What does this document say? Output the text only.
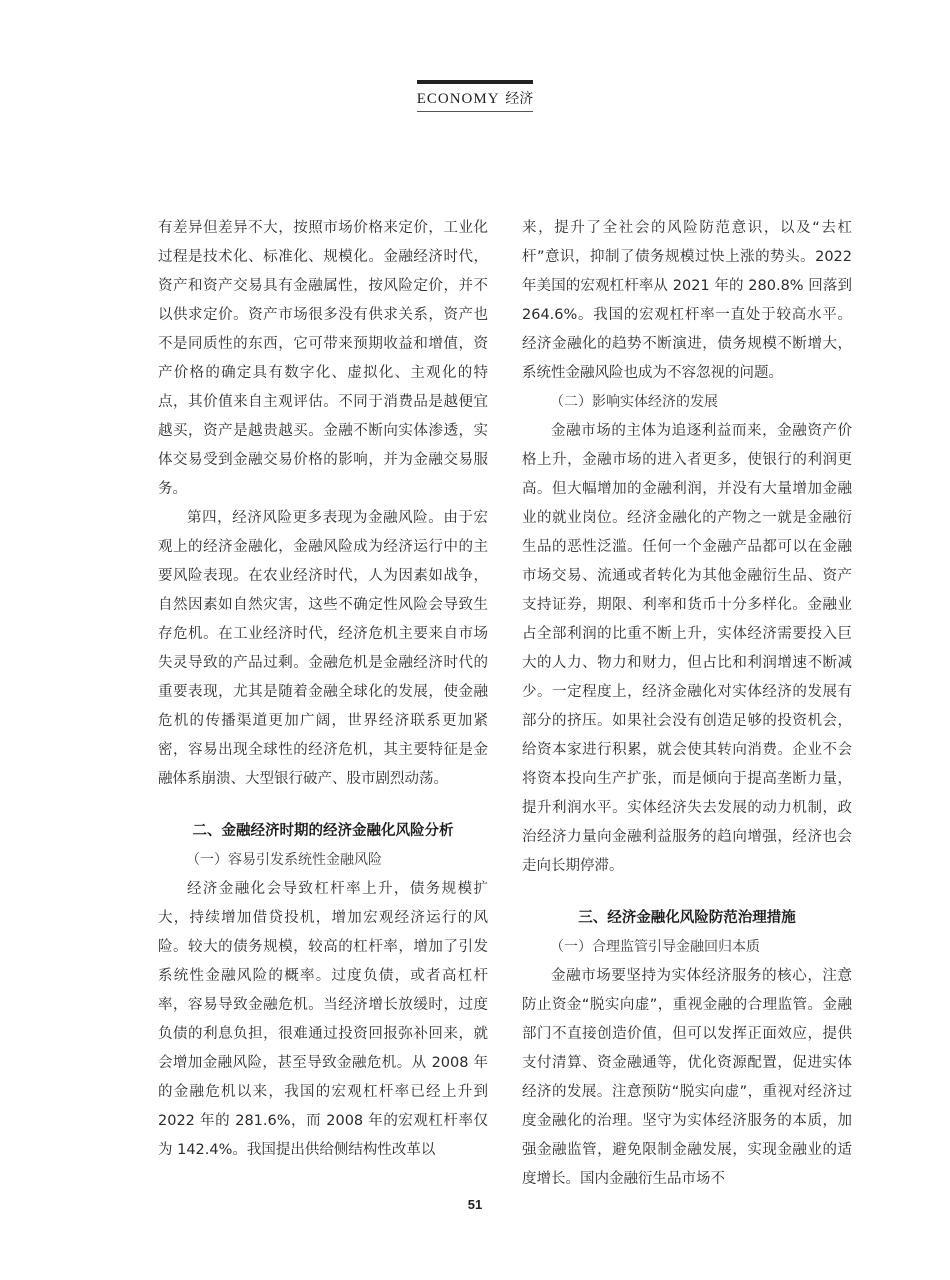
ECONOMY 经济

有差异但差异不大，按照市场价格来定价，工业化过程是技术化、标准化、规模化。金融经济时代，资产和资产交易具有金融属性，按风险定价，并不以供求定价。资产市场很多没有供求关系，资产也不是同质性的东西，它可带来预期收益和增值，资产价格的确定具有数字化、虚拟化、主观化的特点，其价值来自主观评估。不同于消费品是越便宜越买，资产是越贵越买。金融不断向实体渗透，实体交易受到金融交易价格的影响，并为金融交易服务。

第四，经济风险更多表现为金融风险。由于宏观上的经济金融化，金融风险成为经济运行中的主要风险表现。在农业经济时代，人为因素如战争，自然因素如自然灾害，这些不确定性风险会导致生存危机。在工业经济时代，经济危机主要来自市场失灵导致的产品过剩。金融危机是金融经济时代的重要表现，尤其是随着金融全球化的发展，使金融危机的传播渠道更加广阔，世界经济联系更加紧密，容易出现全球性的经济危机，其主要特征是金融体系崩溃、大型银行破产、股市剧烈动荡。

二、金融经济时期的经济金融化风险分析

（一）容易引发系统性金融风险

经济金融化会导致杠杆率上升，债务规模扩大，持续增加借贷投机，增加宏观经济运行的风险。较大的债务规模，较高的杠杆率，增加了引发系统性金融风险的概率。过度负债，或者高杠杆率，容易导致金融危机。当经济增长放缓时，过度负债的利息负担，很难通过投资回报弥补回来，就会增加金融风险，甚至导致金融危机。从 2008 年的金融危机以来，我国的宏观杠杆率已经上升到 2022 年的 281.6%，而 2008 年的宏观杠杆率仅为 142.4%。我国提出供给侧结构性改革以

来，提升了全社会的风险防范意识，以及“去杠杆”意识，抑制了债务规模过快上涨的势头。2022 年美国的宏观杠杆率从 2021 年的 280.8% 回落到 264.6%。我国的宏观杠杆率一直处于较高水平。经济金融化的趋势不断演进，债务规模不断增大，系统性金融风险也成为不容忽视的问题。

（二）影响实体经济的发展

金融市场的主体为追逐利益而来，金融资产价格上升，金融市场的进入者更多，使银行的利润更高。但大幅增加的金融利润，并没有大量增加金融业的就业岗位。经济金融化的产物之一就是金融衍生品的恶性泛滥。任何一个金融产品都可以在金融市场交易、流通或者转化为其他金融衍生品、资产支持证券，期限、利率和货币十分多样化。金融业占全部利润的比重不断上升，实体经济需要投入巨大的人力、物力和财力，但占比和利润增速不断减少。一定程度上，经济金融化对实体经济的发展有部分的挤压。如果社会没有创造足够的投资机会，给资本家进行积累，就会使其转向消费。企业不会将资本投向生产扩张，而是倾向于提高垄断力量，提升利润水平。实体经济失去发展的动力机制，政治经济力量向金融利益服务的趋向增强，经济也会走向长期停滞。

三、经济金融化风险防范治理措施

（一）合理监管引导金融回归本质

金融市场要坚持为实体经济服务的核心，注意防止资金“脱实向虚”，重视金融的合理监管。金融部门不直接创造价值，但可以发挥正面效应，提供支付清算、资金融通等，优化资源配置，促进实体经济的发展。注意预防“脱实向虚”，重视对经济过度金融化的治理。坚守为实体经济服务的本质，加强金融监管，避免限制金融发展，实现金融业的适度增长。国内金融衍生品市场不

51
